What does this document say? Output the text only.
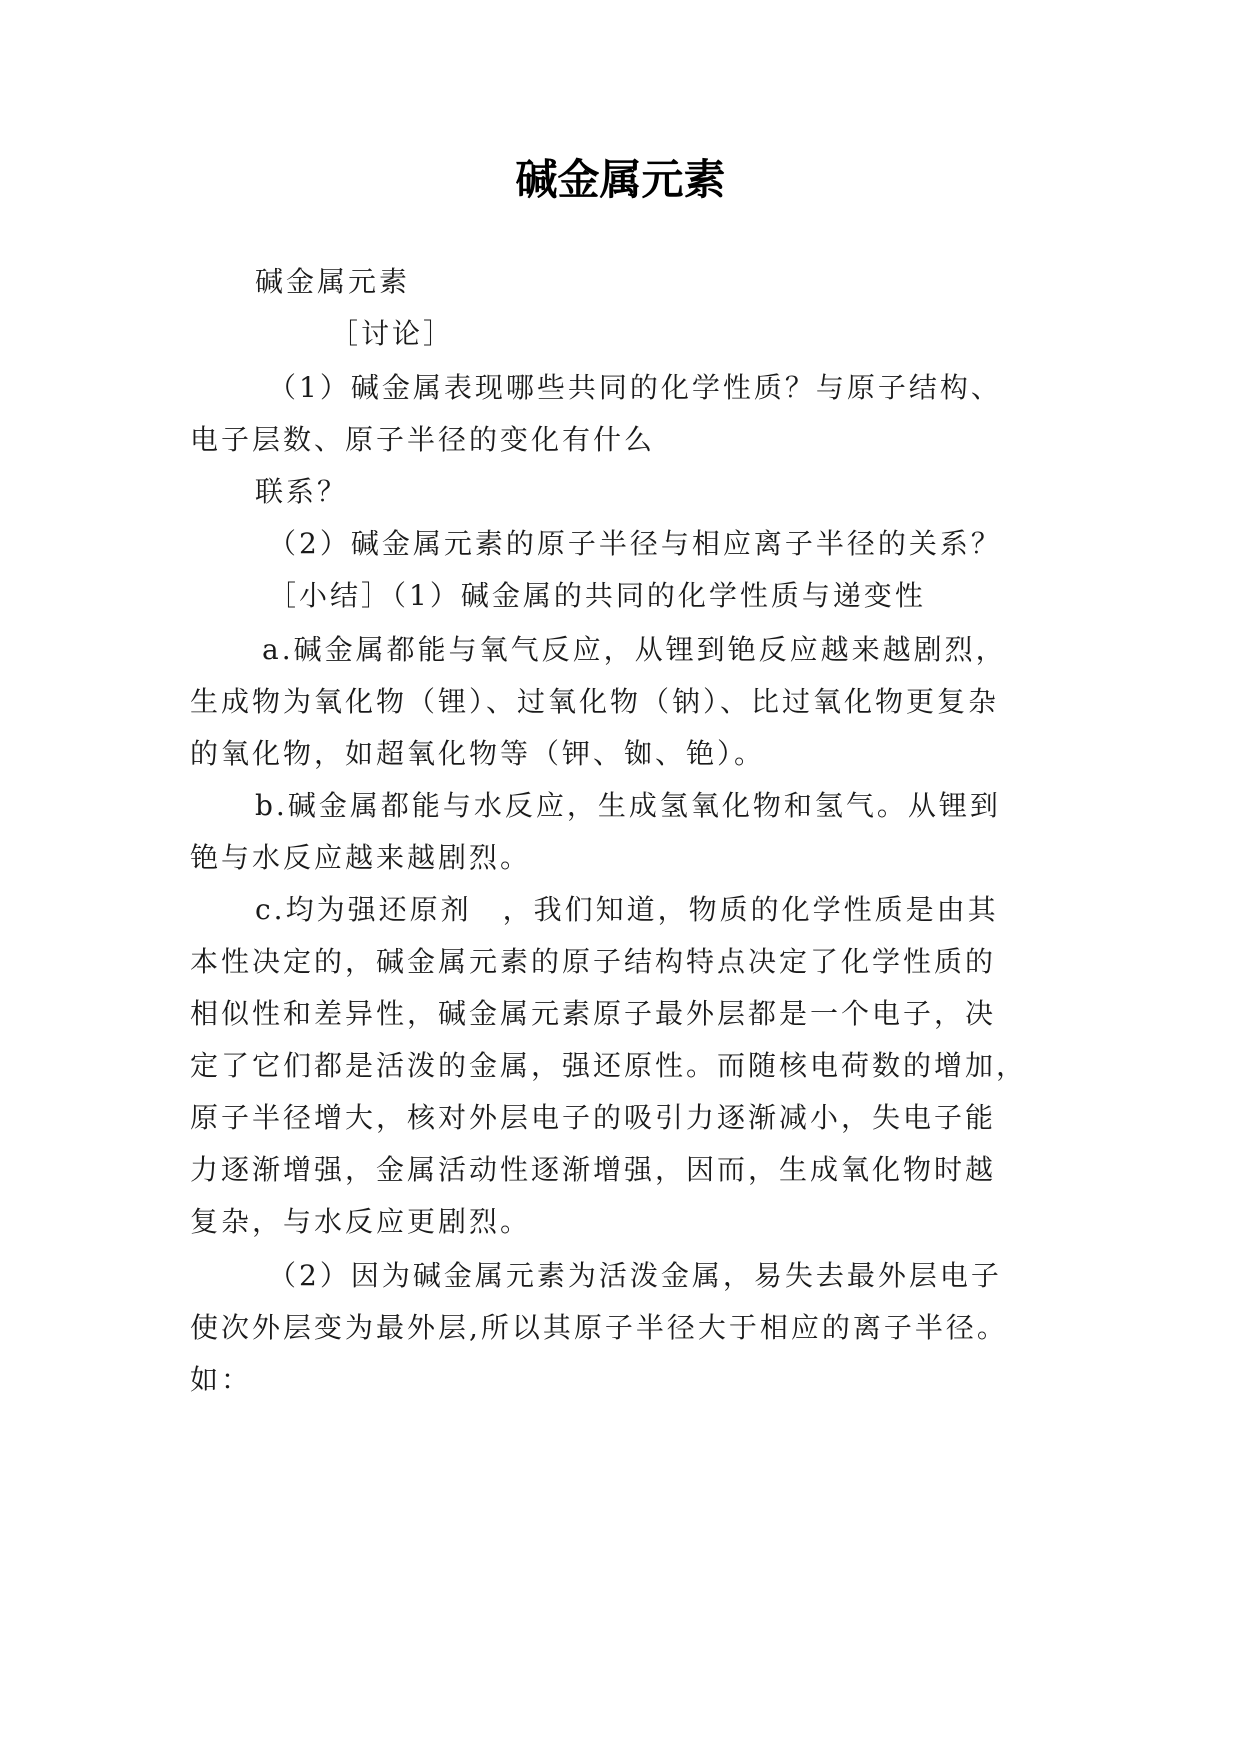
碱金属元素
碱金属元素
［讨论］
（1）碱金属表现哪些共同的化学性质？与原子结构、
电子层数、原子半径的变化有什么
联系？
（2）碱金属元素的原子半径与相应离子半径的关系？
［小结］（1）碱金属的共同的化学性质与递变性
a.碱金属都能与氧气反应，从锂到铯反应越来越剧烈，
生成物为氧化物（锂）、过氧化物（钠）、比过氧化物更复杂
的氧化物，如超氧化物等（钾、铷、铯）。
b.碱金属都能与水反应，生成氢氧化物和氢气。从锂到
铯与水反应越来越剧烈。
c.均为强还原剂　，我们知道，物质的化学性质是由其
本性决定的，碱金属元素的原子结构特点决定了化学性质的
相似性和差异性，碱金属元素原子最外层都是一个电子，决
定了它们都是活泼的金属，强还原性。而随核电荷数的增加，
原子半径增大，核对外层电子的吸引力逐渐减小，失电子能
力逐渐增强，金属活动性逐渐增强，因而，生成氧化物时越
复杂，与水反应更剧烈。
（2）因为碱金属元素为活泼金属，易失去最外层电子
使次外层变为最外层,所以其原子半径大于相应的离子半径。
如：
